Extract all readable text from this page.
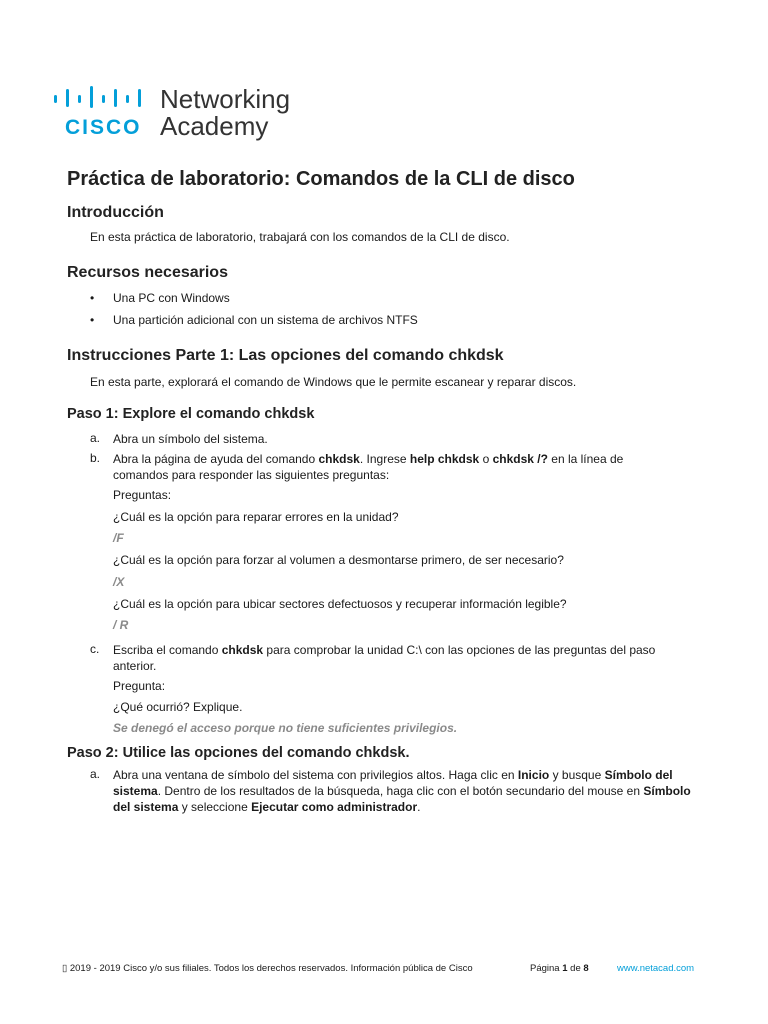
CISCO
Networking
Academy
Práctica de laboratorio: Comandos de la CLI de disco
Introducción

En esta práctica de laboratorio, trabajará con los comandos de la CLI de disco.

Recursos necesarios
• Una PC con Windows
• Una partición adicional con un sistema de archivos NTFS
Instrucciones Parte 1: Las opciones del comando chkdsk

En esta parte, explorará el comando de Windows que le permite escanear y reparar discos.

Paso 1: Explore el comando chkdsk
a. Abra un símbolo del sistema.
b. Abra la página de ayuda del comando chkdsk. Ingrese help chkdsk o chkdsk /? en la línea de comandos para responder las siguientes preguntas:

Preguntas:
¿Cuál es la opción para reparar errores en la unidad?
/F
¿Cuál es la opción para forzar al volumen a desmontarse primero, de ser necesario?
/X
¿Cuál es la opción para ubicar sectores defectuosos y recuperar información legible?
/ R
c. Escriba el comando chkdsk para comprobar la unidad C:\ con las opciones de las preguntas del paso anterior.

Pregunta:
¿Qué ocurrió? Explique.
Se denegó el acceso porque no tiene suficientes privilegios.
Paso 2: Utilice las opciones del comando chkdsk.
a. Abra una ventana de símbolo del sistema con privilegios altos. Haga clic en Inicio y busque Símbolo del sistema. Dentro de los resultados de la búsqueda, haga clic con el botón secundario del mouse en Símbolo del sistema y seleccione Ejecutar como administrador.

▯ 2019 - 2019 Cisco y/o sus filiales. Todos los derechos reservados. Información pública de Cisco	Página 1 de 8	www.netacad.com
